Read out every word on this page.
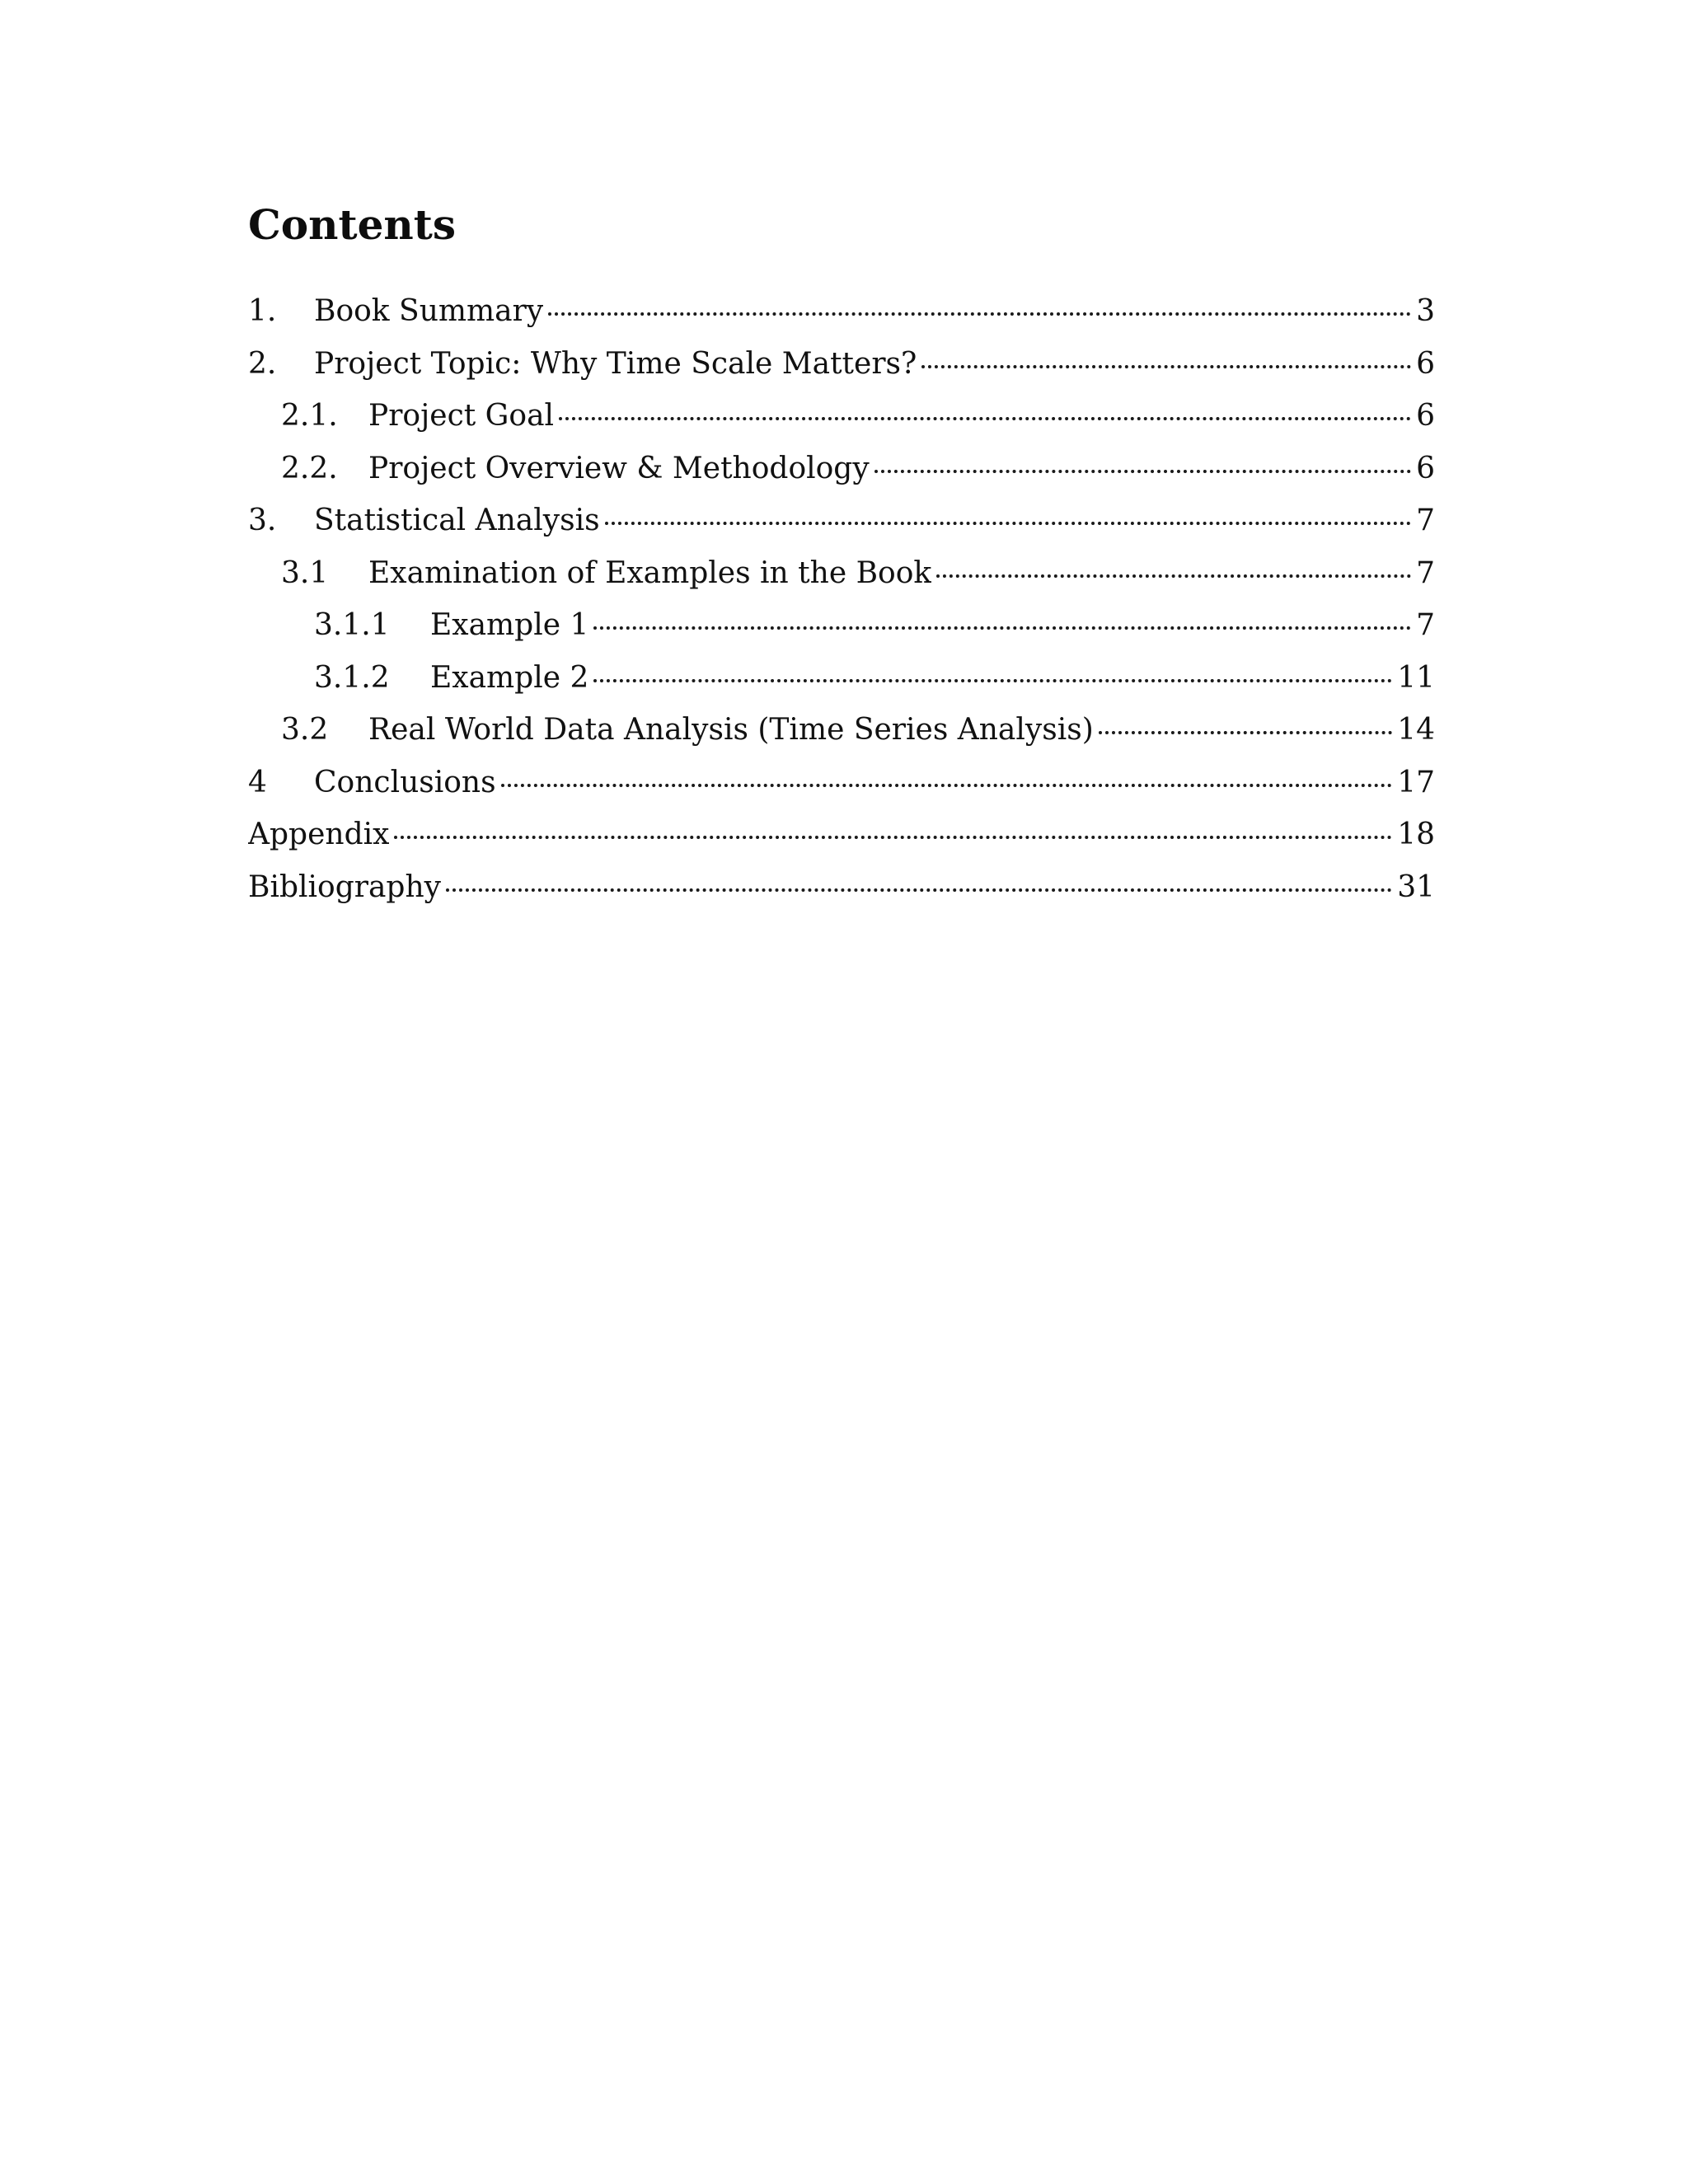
Contents
1.	Book Summary	3
2.	Project Topic: Why Time Scale Matters?	6
2.1.	Project Goal	6
2.2.	Project Overview & Methodology	6
3.	Statistical Analysis	7
3.1	Examination of Examples in the Book	7
3.1.1	Example 1	7
3.1.2	Example 2	11
3.2	Real World Data Analysis (Time Series Analysis)	14
4	Conclusions	17
Appendix	18
Bibliography	31
